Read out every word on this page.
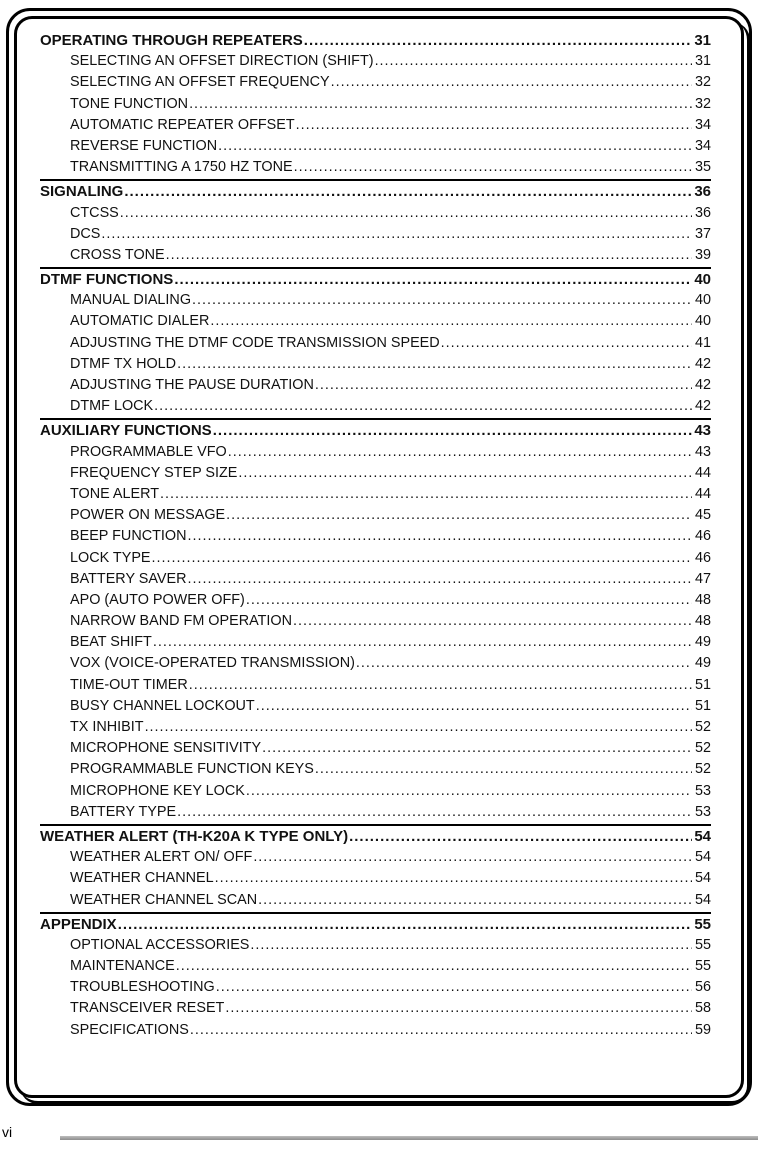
OPERATING THROUGH REPEATERS .....	31
SELECTING AN OFFSET DIRECTION (SHIFT) .....	31
SELECTING AN OFFSET FREQUENCY .....	32
TONE FUNCTION .....	32
AUTOMATIC REPEATER OFFSET .....	34
REVERSE FUNCTION .....	34
TRANSMITTING A 1750 HZ TONE .....	35
SIGNALING .....	36
CTCSS .....	36
DCS .....	37
CROSS TONE .....	39
DTMF FUNCTIONS .....	40
MANUAL DIALING .....	40
AUTOMATIC DIALER .....	40
ADJUSTING THE DTMF CODE TRANSMISSION SPEED .....	41
DTMF TX HOLD .....	42
ADJUSTING THE PAUSE DURATION .....	42
DTMF LOCK .....	42
AUXILIARY FUNCTIONS .....	43
PROGRAMMABLE VFO .....	43
FREQUENCY STEP SIZE .....	44
TONE ALERT .....	44
POWER ON MESSAGE .....	45
BEEP FUNCTION .....	46
LOCK TYPE .....	46
BATTERY SAVER .....	47
APO (AUTO POWER OFF) .....	48
NARROW BAND FM OPERATION .....	48
BEAT SHIFT .....	49
VOX (VOICE-OPERATED TRANSMISSION) .....	49
TIME-OUT TIMER .....	51
BUSY CHANNEL LOCKOUT .....	51
TX INHIBIT .....	52
MICROPHONE SENSITIVITY .....	52
PROGRAMMABLE FUNCTION KEYS .....	52
MICROPHONE KEY LOCK .....	53
BATTERY TYPE .....	53
WEATHER ALERT (TH-K20A K TYPE ONLY) .....	54
WEATHER ALERT ON/ OFF .....	54
WEATHER CHANNEL .....	54
WEATHER CHANNEL SCAN .....	54
APPENDIX .....	55
OPTIONAL ACCESSORIES .....	55
MAINTENANCE .....	55
TROUBLESHOOTING .....	56
TRANSCEIVER RESET .....	58
SPECIFICATIONS .....	59
vi
